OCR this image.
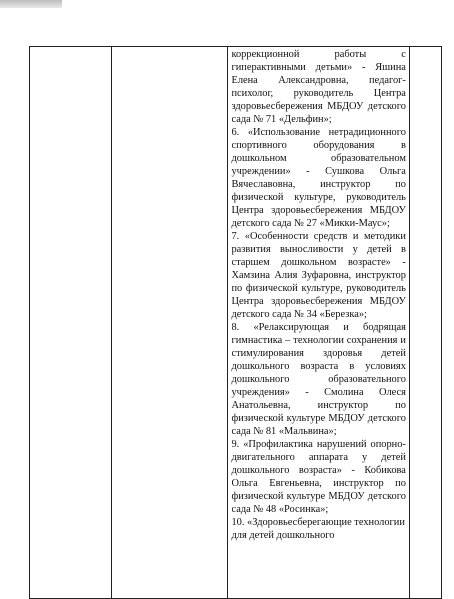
коррекционной работы с гиперактивными детьми» - Яшина Елена Александровна, педагог-психолог, руководитель Центра здоровьесбережения МБДОУ детского сада № 71 «Дельфин»;

6. «Использование нетрадиционного спортивного оборудования в дошкольном образовательном учреждении» - Сушкова Ольга Вячеславовна, инструктор по физической культуре, руководитель Центра здоровьесбережения МБДОУ детского сада № 27 «Микки-Маус»;

7. «Особенности средств и методики развития выносливости у детей в старшем дошкольном возрасте» - Хамзина Алия Зуфаровна, инструктор по физической культуре, руководитель Центра здоровьесбережения МБДОУ детского сада № 34 «Березка»;

8. «Релаксирующая и бодрящая гимнастика – технологии сохранения и стимулирования здоровья детей дошкольного возраста в условиях дошкольного образовательного учреждения» - Смолина Олеся Анатольевна, инструктор по физической культуре МБДОУ детского сада № 81 «Мальвина»;

9. «Профилактика нарушений опорно-двигательного аппарата у детей дошкольного возраста» - Кобикова Ольга Евгеньевна, инструктор по физической культуре МБДОУ детского сада № 48 «Росинка»;

10. «Здоровьесберегающие технологии для детей дошкольного
